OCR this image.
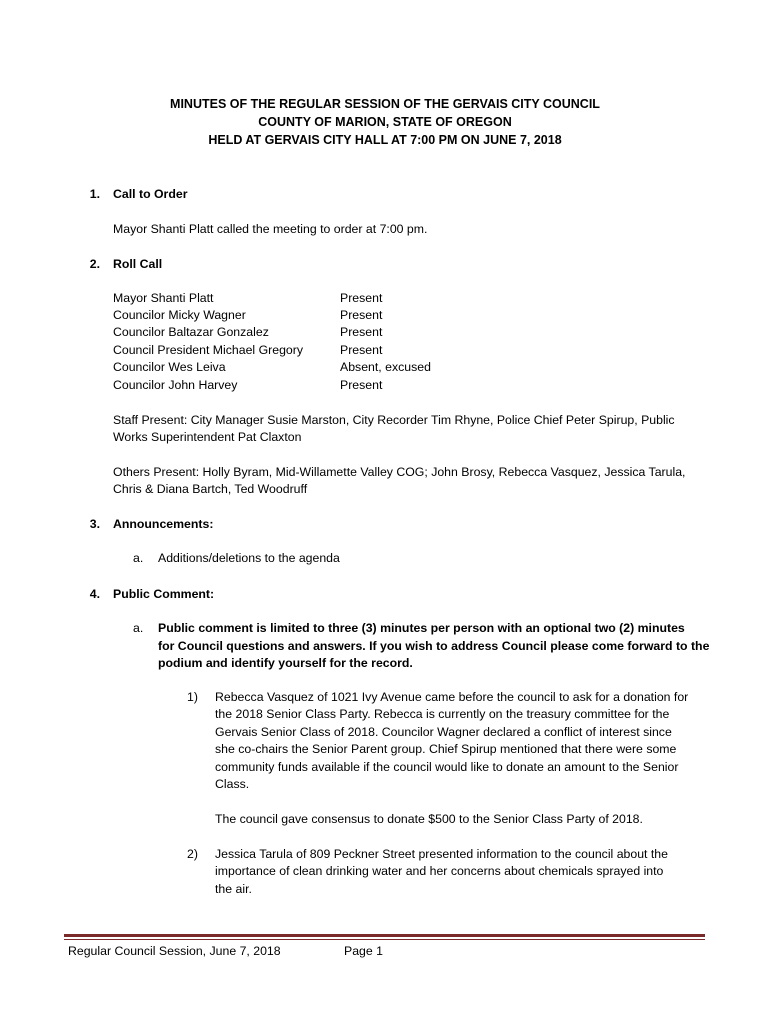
MINUTES OF THE REGULAR SESSION OF THE GERVAIS CITY COUNCIL
COUNTY OF MARION, STATE OF OREGON
HELD AT GERVAIS CITY HALL AT 7:00 PM ON JUNE 7, 2018
1. Call to Order
Mayor Shanti Platt called the meeting to order at 7:00 pm.
2. Roll Call
Mayor Shanti Platt	Present
Councilor Micky Wagner	Present
Councilor Baltazar Gonzalez	Present
Council President Michael Gregory	Present
Councilor Wes Leiva	Absent, excused
Councilor John Harvey	Present
Staff Present: City Manager Susie Marston, City Recorder Tim Rhyne, Police Chief Peter Spirup, Public
Works Superintendent Pat Claxton
Others Present: Holly Byram, Mid-Willamette Valley COG; John Brosy, Rebecca Vasquez, Jessica Tarula,
Chris & Diana Bartch, Ted Woodruff
3. Announcements:
a. Additions/deletions to the agenda
4. Public Comment:
a. Public comment is limited to three (3) minutes per person with an optional two (2) minutes
for Council questions and answers. If you wish to address Council please come forward to the
podium and identify yourself for the record.
1) Rebecca Vasquez of 1021 Ivy Avenue came before the council to ask for a donation for
the 2018 Senior Class Party. Rebecca is currently on the treasury committee for the
Gervais Senior Class of 2018. Councilor Wagner declared a conflict of interest since
she co-chairs the Senior Parent group. Chief Spirup mentioned that there were some
community funds available if the council would like to donate an amount to the Senior
Class.
The council gave consensus to donate $500 to the Senior Class Party of 2018.
2) Jessica Tarula of 809 Peckner Street presented information to the council about the
importance of clean drinking water and her concerns about chemicals sprayed into
the air.
Regular Council Session, June 7, 2018	Page 1
